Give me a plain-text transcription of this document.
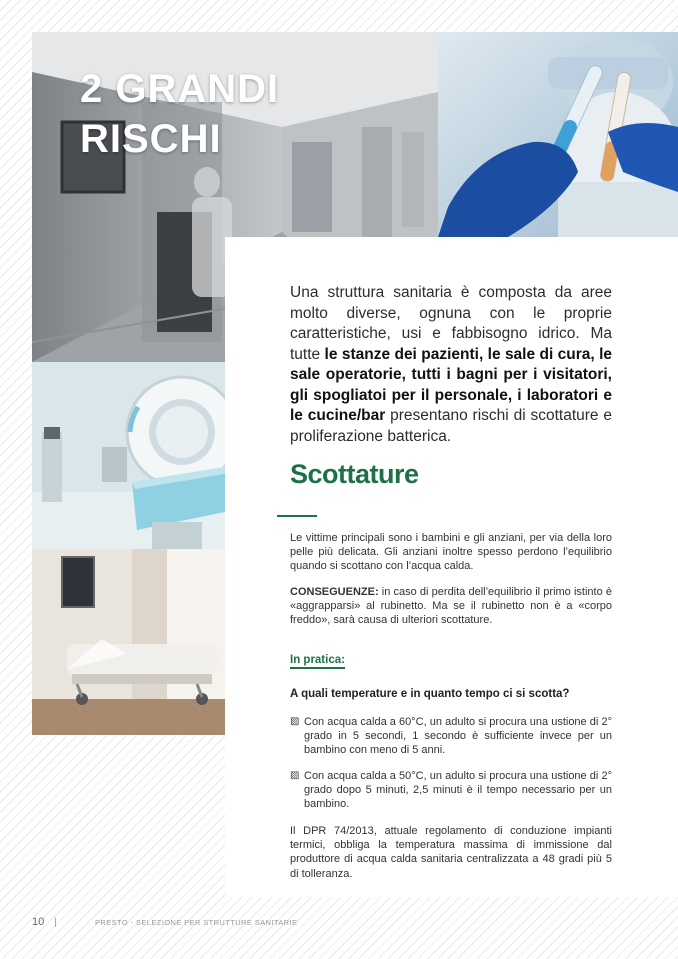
2 GRANDI
RISCHI

Una struttura sanitaria è composta da aree molto diverse, ognuna con le proprie caratteristiche, usi e fabbisogno idrico. Ma tutte le stanze dei pazienti, le sale di cura, le sale operatorie, tutti i bagni per i visitatori, gli spogliatoi per il personale, i laboratori e le cucine/bar presentano rischi di scottature e proliferazione batterica.

Scottature

Le vittime principali sono i bambini e gli anziani, per via della loro pelle più delicata. Gli anziani inoltre spesso perdono l’equilibrio quando si scottano con l’acqua calda.

CONSEGUENZE: in caso di perdita dell’equilibrio il primo istinto è «aggrapparsi» al rubinetto. Ma se il rubinetto non è a «corpo freddo», sarà causa di ulteriori scottature.

In pratica:

A quali temperature e in quanto tempo ci si scotta?

▨ Con acqua calda a 60°C, un adulto si procura una ustione di 2° grado in 5 secondi, 1 secondo è sufficiente invece per un bambino con meno di 5 anni.
▨ Con acqua calda a 50°C, un adulto si procura una ustione di 2° grado dopo 5 minuti, 2,5 minuti è il tempo necessario per un bambino.

Il DPR 74/2013, attuale regolamento di conduzione impianti termici, obbliga la temperatura massima di immissione dal produttore di acqua calda sanitaria centralizzata a 48 gradi più 5 di tolleranza.

10 |	PRESTO - SELEZIONE PER STRUTTURE SANITARIE
